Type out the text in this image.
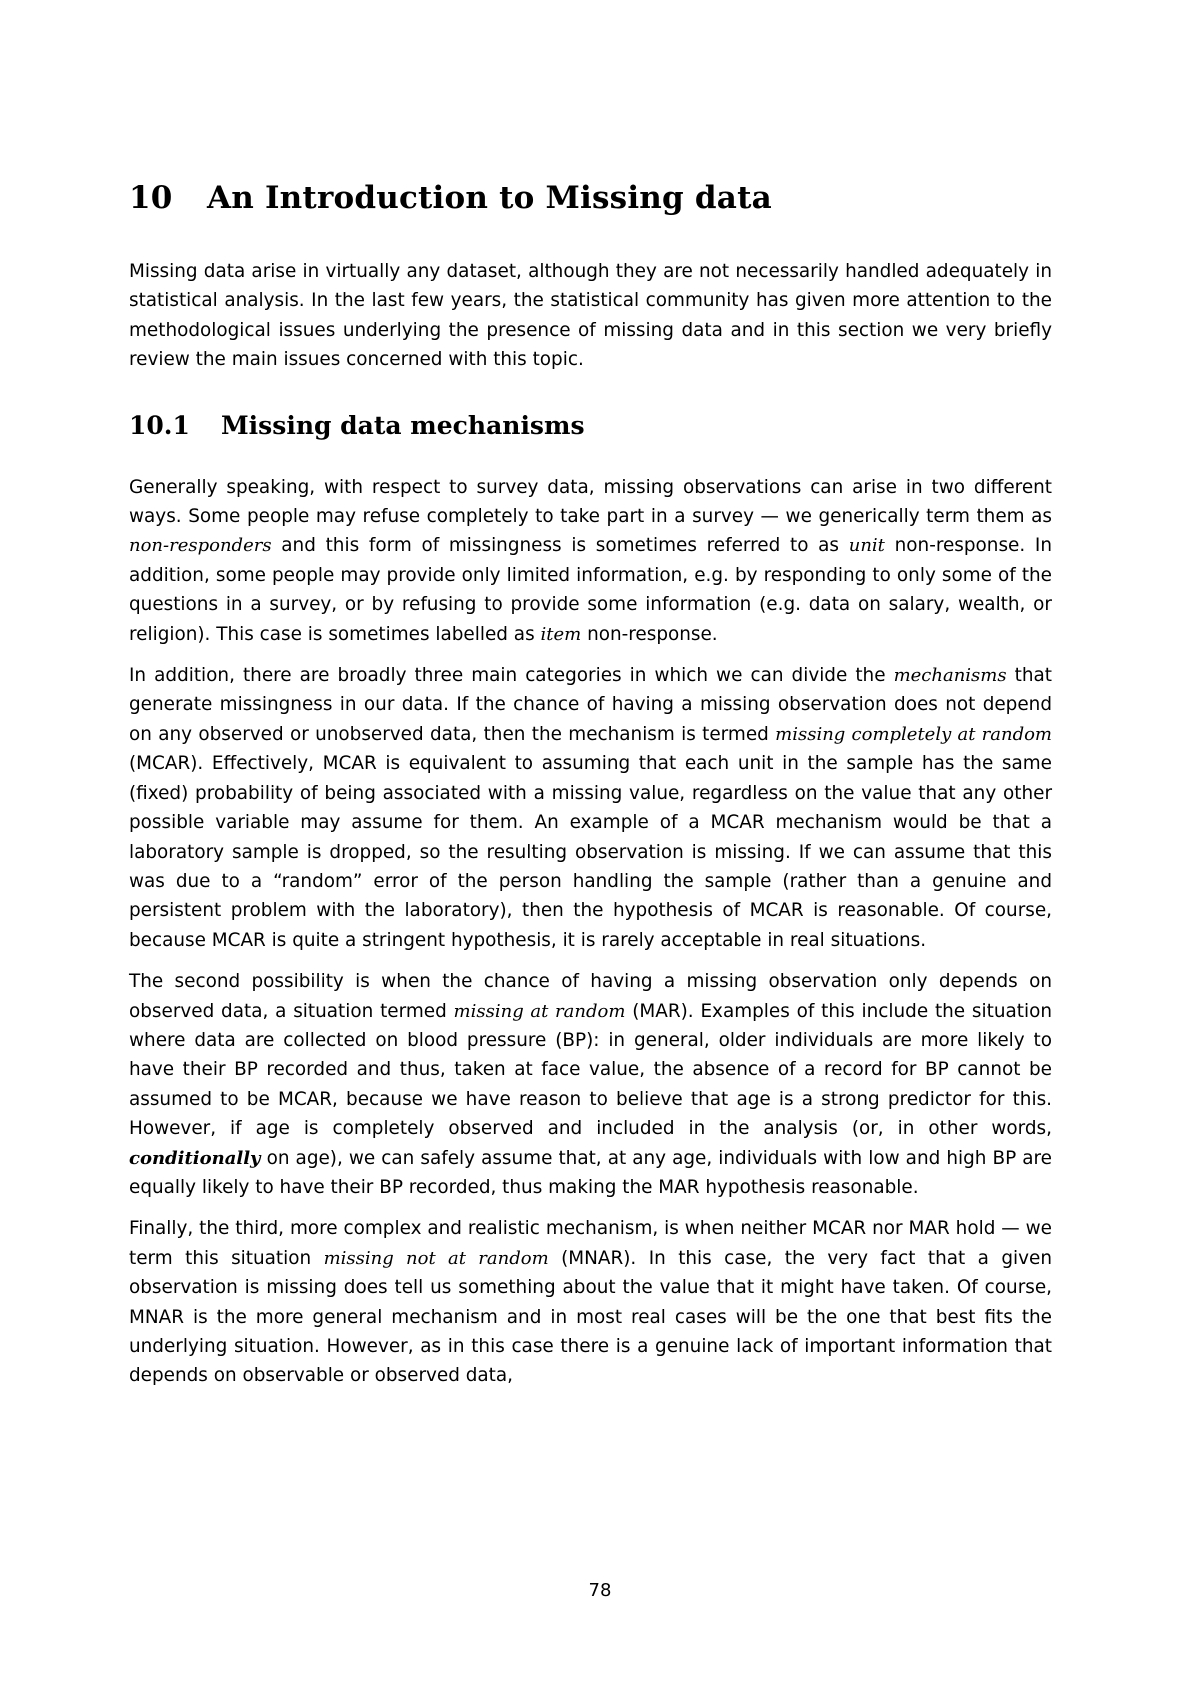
10 An Introduction to Missing data

Missing data arise in virtually any dataset, although they are not necessarily handled adequately in statistical analysis. In the last few years, the statistical community has given more attention to the methodological issues underlying the presence of missing data and in this section we very briefly review the main issues concerned with this topic.

10.1 Missing data mechanisms

Generally speaking, with respect to survey data, missing observations can arise in two different ways. Some people may refuse completely to take part in a survey — we generically term them as non-responders and this form of missingness is sometimes referred to as unit non-response. In addition, some people may provide only limited information, e.g. by responding to only some of the questions in a survey, or by refusing to provide some information (e.g. data on salary, wealth, or religion). This case is sometimes labelled as item non-response.

In addition, there are broadly three main categories in which we can divide the mechanisms that generate missingness in our data. If the chance of having a missing observation does not depend on any observed or unobserved data, then the mechanism is termed missing completely at random (MCAR). Effectively, MCAR is equivalent to assuming that each unit in the sample has the same (fixed) probability of being associated with a missing value, regardless on the value that any other possible variable may assume for them. An example of a MCAR mechanism would be that a laboratory sample is dropped, so the resulting observation is missing. If we can assume that this was due to a “random” error of the person handling the sample (rather than a genuine and persistent problem with the laboratory), then the hypothesis of MCAR is reasonable. Of course, because MCAR is quite a stringent hypothesis, it is rarely acceptable in real situations.

The second possibility is when the chance of having a missing observation only depends on observed data, a situation termed missing at random (MAR). Examples of this include the situation where data are collected on blood pressure (BP): in general, older individuals are more likely to have their BP recorded and thus, taken at face value, the absence of a record for BP cannot be assumed to be MCAR, because we have reason to believe that age is a strong predictor for this. However, if age is completely observed and included in the analysis (or, in other words, conditionally on age), we can safely assume that, at any age, individuals with low and high BP are equally likely to have their BP recorded, thus making the MAR hypothesis reasonable.

Finally, the third, more complex and realistic mechanism, is when neither MCAR nor MAR hold — we term this situation missing not at random (MNAR). In this case, the very fact that a given observation is missing does tell us something about the value that it might have taken. Of course, MNAR is the more general mechanism and in most real cases will be the one that best fits the underlying situation. However, as in this case there is a genuine lack of important information that depends on observable or observed data,

78
